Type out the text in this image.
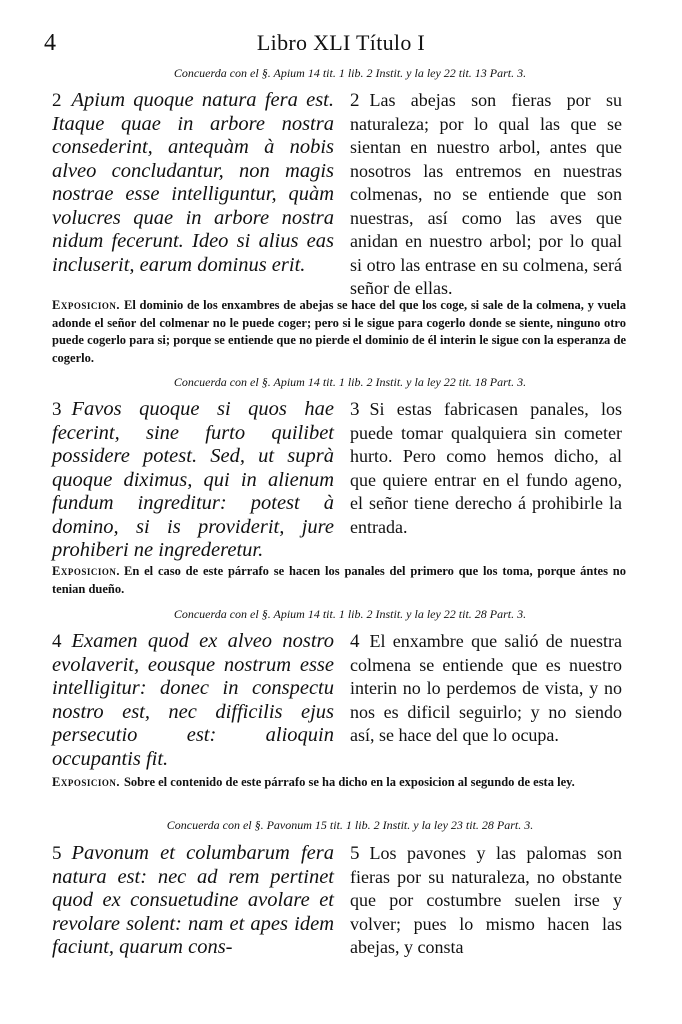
4	Libro XLI Título I
Concuerda con el §. Apium 14 tit. 1 lib. 2 Instit. y la ley 22 tit. 13 Part. 3.

2 Apium quoque natura fera est. Itaque quae in arbore nostra consederint, antequàm à nobis alveo concludantur, non magis nostrae esse intelliguntur, quàm volucres quae in arbore nostra nidum fecerunt. Ideo si alius eas incluserit, earum dominus erit.

2 Las abejas son fieras por su naturaleza; por lo qual las que se sientan en nuestro arbol, antes que nosotros las entremos en nuestras colmenas, no se entiende que son nuestras, así como las aves que anidan en nuestro arbol; por lo qual si otro las entrase en su colmena, será señor de ellas.

Exposicion. El dominio de los enxambres de abejas se hace del que los coge, si sale de la colmena, y vuela adonde el señor del colmenar no le puede coger; pero si le sigue para cogerlo donde se siente, ninguno otro puede cogerlo para si; porque se entiende que no pierde el dominio de él interin le sigue con la esperanza de cogerlo.

Concuerda con el §. Apium 14 tit. 1 lib. 2 Instit. y la ley 22 tit. 18 Part. 3.

3 Favos quoque si quos hae fecerint, sine furto quilibet possidere potest. Sed, ut suprà quoque diximus, qui in alienum fundum ingreditur: potest à domino, si is providerit, jure prohiberi ne ingrederetur.

3 Si estas fabricasen panales, los puede tomar qualquiera sin cometer hurto. Pero como hemos dicho, al que quiere entrar en el fundo ageno, el señor tiene derecho á prohibirle la entrada.

Exposicion. En el caso de este párrafo se hacen los panales del primero que los toma, porque ántes no tenian dueño.

Concuerda con el §. Apium 14 tit. 1 lib. 2 Instit. y la ley 22 tit. 28 Part. 3.

4 Examen quod ex alveo nostro evolaverit, eousque nostrum esse intelligitur: donec in conspectu nostro est, nec difficilis ejus persecutio est: alioquin occupantis fit.

4 El enxambre que salió de nuestra colmena se entiende que es nuestro interin no lo perdemos de vista, y no nos es dificil seguirlo; y no siendo así, se hace del que lo ocupa.

Exposicion. Sobre el contenido de este párrafo se ha dicho en la exposicion al segundo de esta ley.

Concuerda con el §. Pavonum 15 tit. 1 lib. 2 Instit. y la ley 23 tit. 28 Part. 3.

5 Pavonum et columbarum fera natura est: nec ad rem pertinet quod ex consuetudine avolare et revolare solent: nam et apes idem faciunt, quarum cons-

5 Los pavones y las palomas son fieras por su naturaleza, no obstante que por costumbre suelen irse y volver; pues lo mismo hacen las abejas, y consta
